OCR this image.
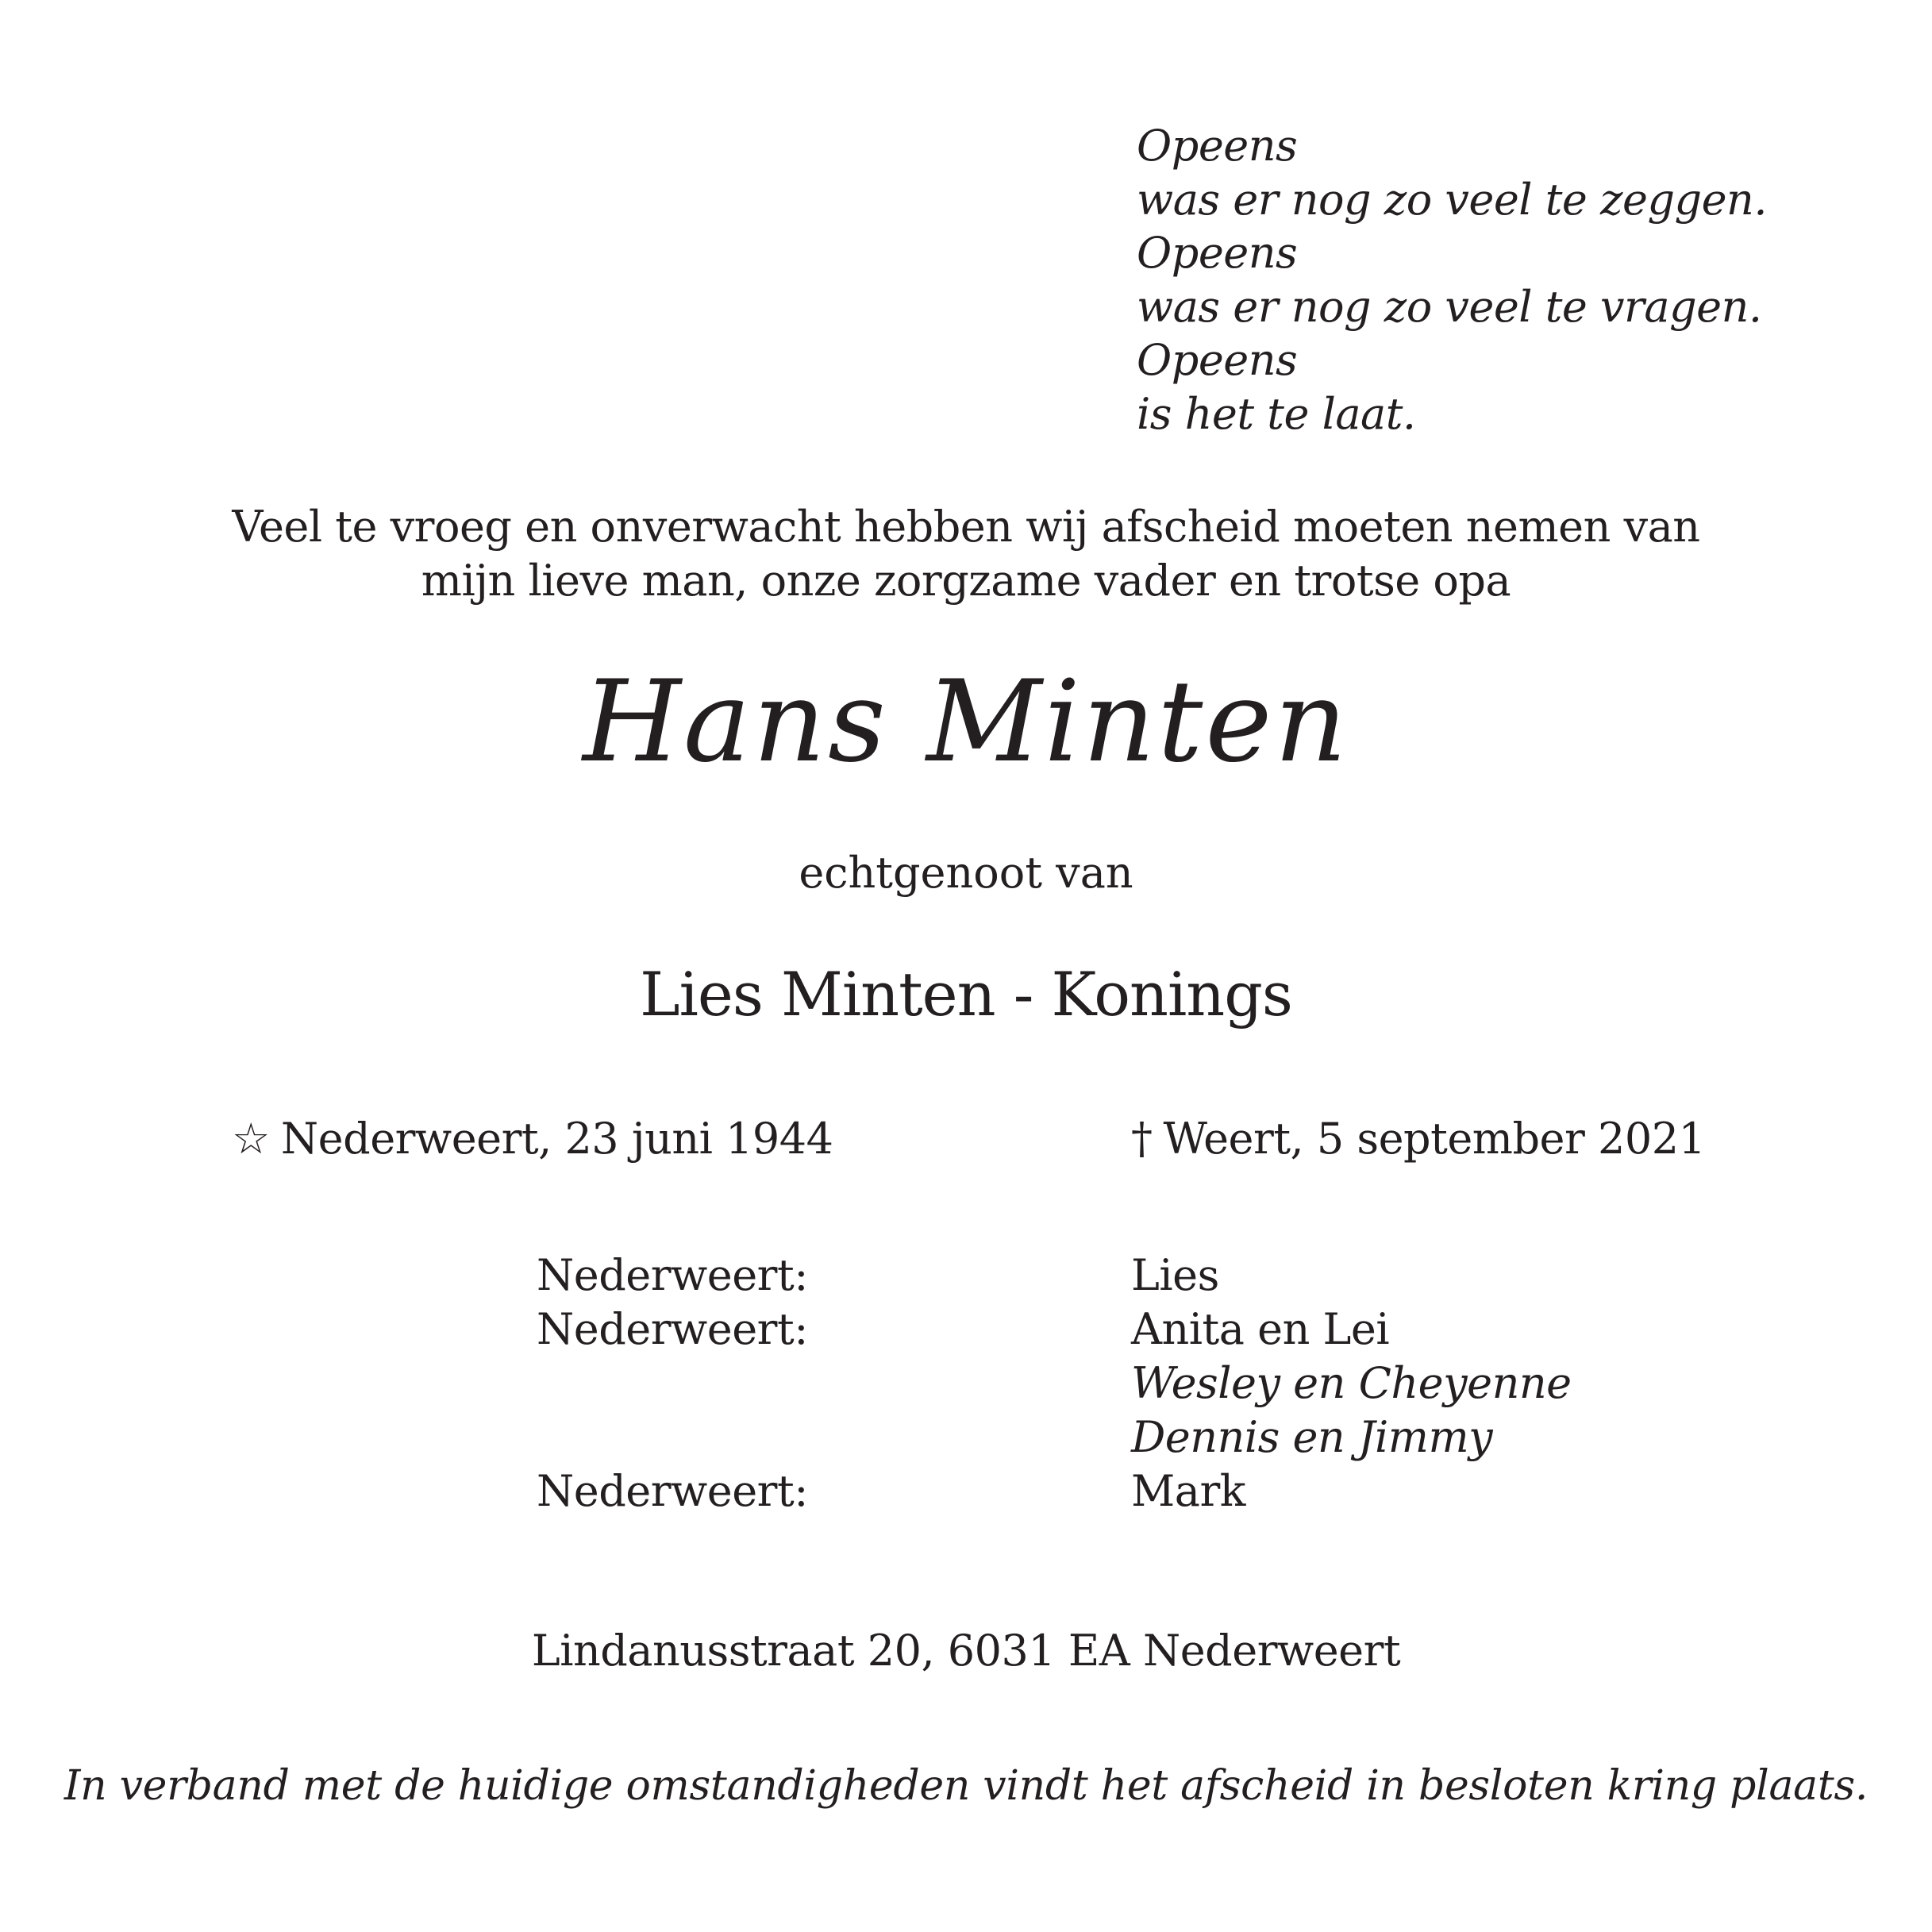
Opeens
was er nog zo veel te zeggen.
Opeens
was er nog zo veel te vragen.
Opeens
is het te laat.
Veel te vroeg en onverwacht hebben wij afscheid moeten nemen van
mijn lieve man, onze zorgzame vader en trotse opa
Hans Minten
echtgenoot van
Lies Minten - Konings
☆ Nederweert, 23 juni 1944	† Weert, 5 september 2021
Nederweert:
Nederweert:
Nederweert:
Lies
Anita en Lei
Wesley en Cheyenne
Dennis en Jimmy
Mark
Lindanusstraat 20, 6031 EA Nederweert
In verband met de huidige omstandigheden vindt het afscheid in besloten kring plaats.
